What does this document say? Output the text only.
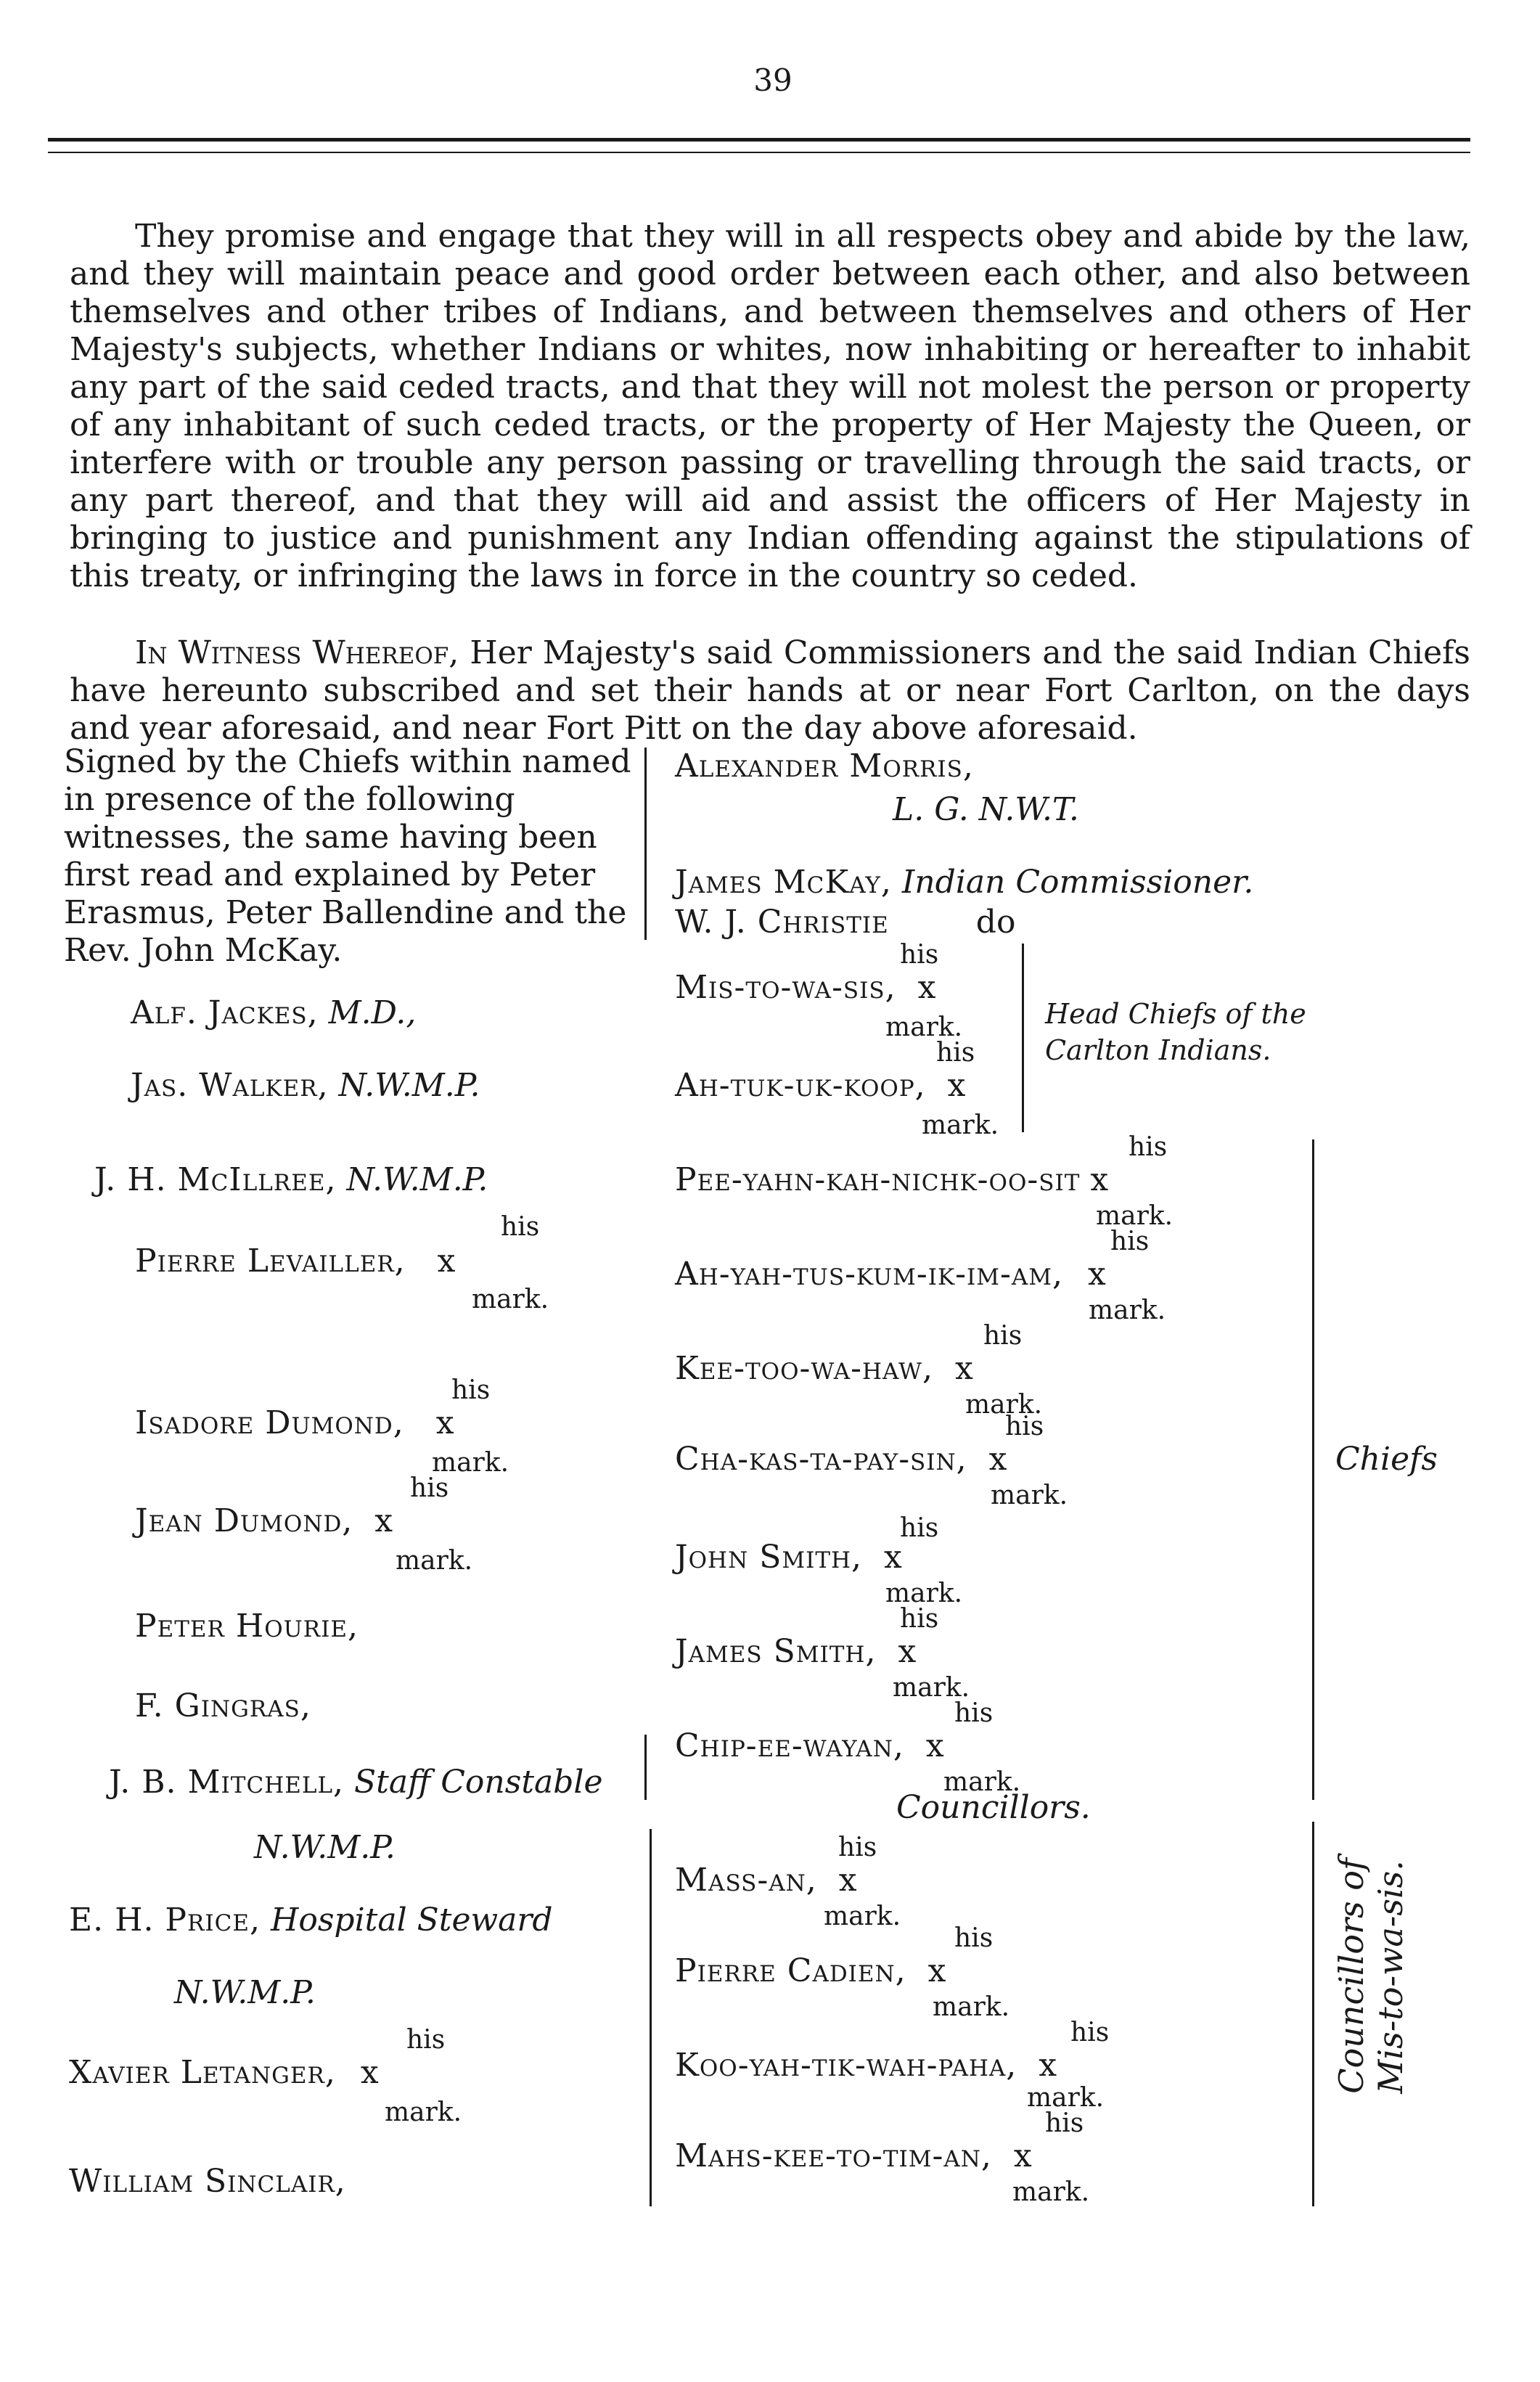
39

They promise and engage that they will in all respects obey and abide by the law, and they will maintain peace and good order between each other, and also between themselves and other tribes of Indians, and between themselves and others of Her Majesty's subjects, whether Indians or whites, now inhabiting or hereafter to inhabit any part of the said ceded tracts, and that they will not molest the person or property of any inhabitant of such ceded tracts, or the property of Her Majesty the Queen, or interfere with or trouble any person passing or travelling through the said tracts, or any part thereof, and that they will aid and assist the officers of Her Majesty in bringing to justice and punishment any Indian offending against the stipulations of this treaty, or infringing the laws in force in the country so ceded.

In Witness Whereof, Her Majesty's said Commissioners and the said Indian Chiefs have hereunto subscribed and set their hands at or near Fort Carlton, on the days and year aforesaid, and near Fort Pitt on the day above aforesaid.

Signed by the Chiefs within named in presence of the following witnesses, the same having been first read and explained by Peter Erasmus, Peter Ballendine and the Rev. John McKay.

Alf. Jackes, M.D.,
Jas. Walker, N.W.M.P.
J. H. McIllree, N.W.M.P.
his
Pierre Levailler, x
mark.
his
Isadore Dumond, x
mark.
his
Jean Dumond, x
mark.
Peter Hourie,
F. Gingras,
J. B. Mitchell, Staff Constable
N.W.M.P.
E. H. Price, Hospital Steward
N.W.M.P.
his
Xavier Letanger, x
mark.
William Sinclair,
Alexander Morris,
L. G. N.W.T.
James McKay, Indian Commissioner.
W. J. Christie	do
his
Mis-to-wa-sis, x
mark.
his
Ah-tuk-uk-koop, x
mark.
Head Chiefs of the
Carlton Indians.
his
Pee-yahn-kah-nichk-oo-sit x
mark.
his
Ah-yah-tus-kum-ik-im-am, x
mark.
his
Kee-too-wa-haw, x
mark.
his
Cha-kas-ta-pay-sin, x
mark.
his
John Smith, x
mark.
his
James Smith, x
mark.
his
Chip-ee-wayan, x
mark.
Chiefs
Councillors.
his
Mass-an, x
mark.
his
Pierre Cadien, x
mark.
his
Koo-yah-tik-wah-paha, x
mark.
his
Mahs-kee-to-tim-an, x
mark.
Councillors of
Mis-to-wa-sis.
